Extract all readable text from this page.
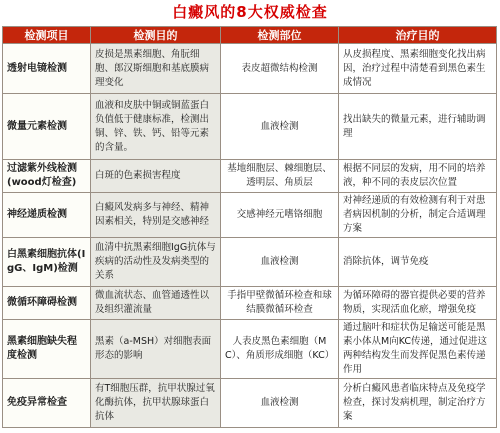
白癜风的8大权威检查
检测项目	检测目的	检测部位	治疗目的
透射电镜检测	皮损是黑素细胞、角朊细胞、郎汉斯细胞和基底膜病理变化	表皮超微结构检测	从皮损程度、黑素细胞变化找出病因，治疗过程中清楚看到黑色素生成情况
微量元素检测	血液和皮肤中铜或铜蓝蛋白负值低于健康标准，检测出铜、锌、铁、钙、铅等元素的含量。	血液检测	找出缺失的微量元素，进行辅助调理
过滤紫外线检测(wood灯检查)	白斑的色素损害程度	基地细胞层、棘细胞层、透明层、角质层	根据不同层的发病，用不同的培养液，种不同的表皮层次位置
神经递质检测	白癜风发病多与神经、精神因素相关，特别是交感神经	交感神经元嗜铬细胞	对神经递质的有效检测有利于对患者病因机制的分析，制定合适调理方案
白黑素细胞抗体(IgG、IgM)检测	血清中抗黑素细胞IgG抗体与疾病的活动性及发病类型的关系	血液检测	消除抗体，调节免疫
微循环障碍检测	微血流状态、血管通透性以及组织灌流量	手指甲壁微循环检查和球结膜微循环检查	为循环障碍的器官提供必要的营养物质，实现活血化瘀，增强免疫
黑素细胞缺失程度检测	黑素（a-MSH）对细胞表面形态的影响	人表皮黑色素细胞（MC）、角质形成细胞（KC）	通过脑叶和症状伪足输送可能是黑素小体从M向KC传递，通过促进这两种结构发生而发挥促黑色素传递作用
免疫异常检查	有T细胞压群，抗甲状腺过氧化酶抗体，抗甲状腺球蛋白抗体	血液检测	分析白癜风患者临床特点及免疫学检查，探讨发病机理，制定治疗方案
